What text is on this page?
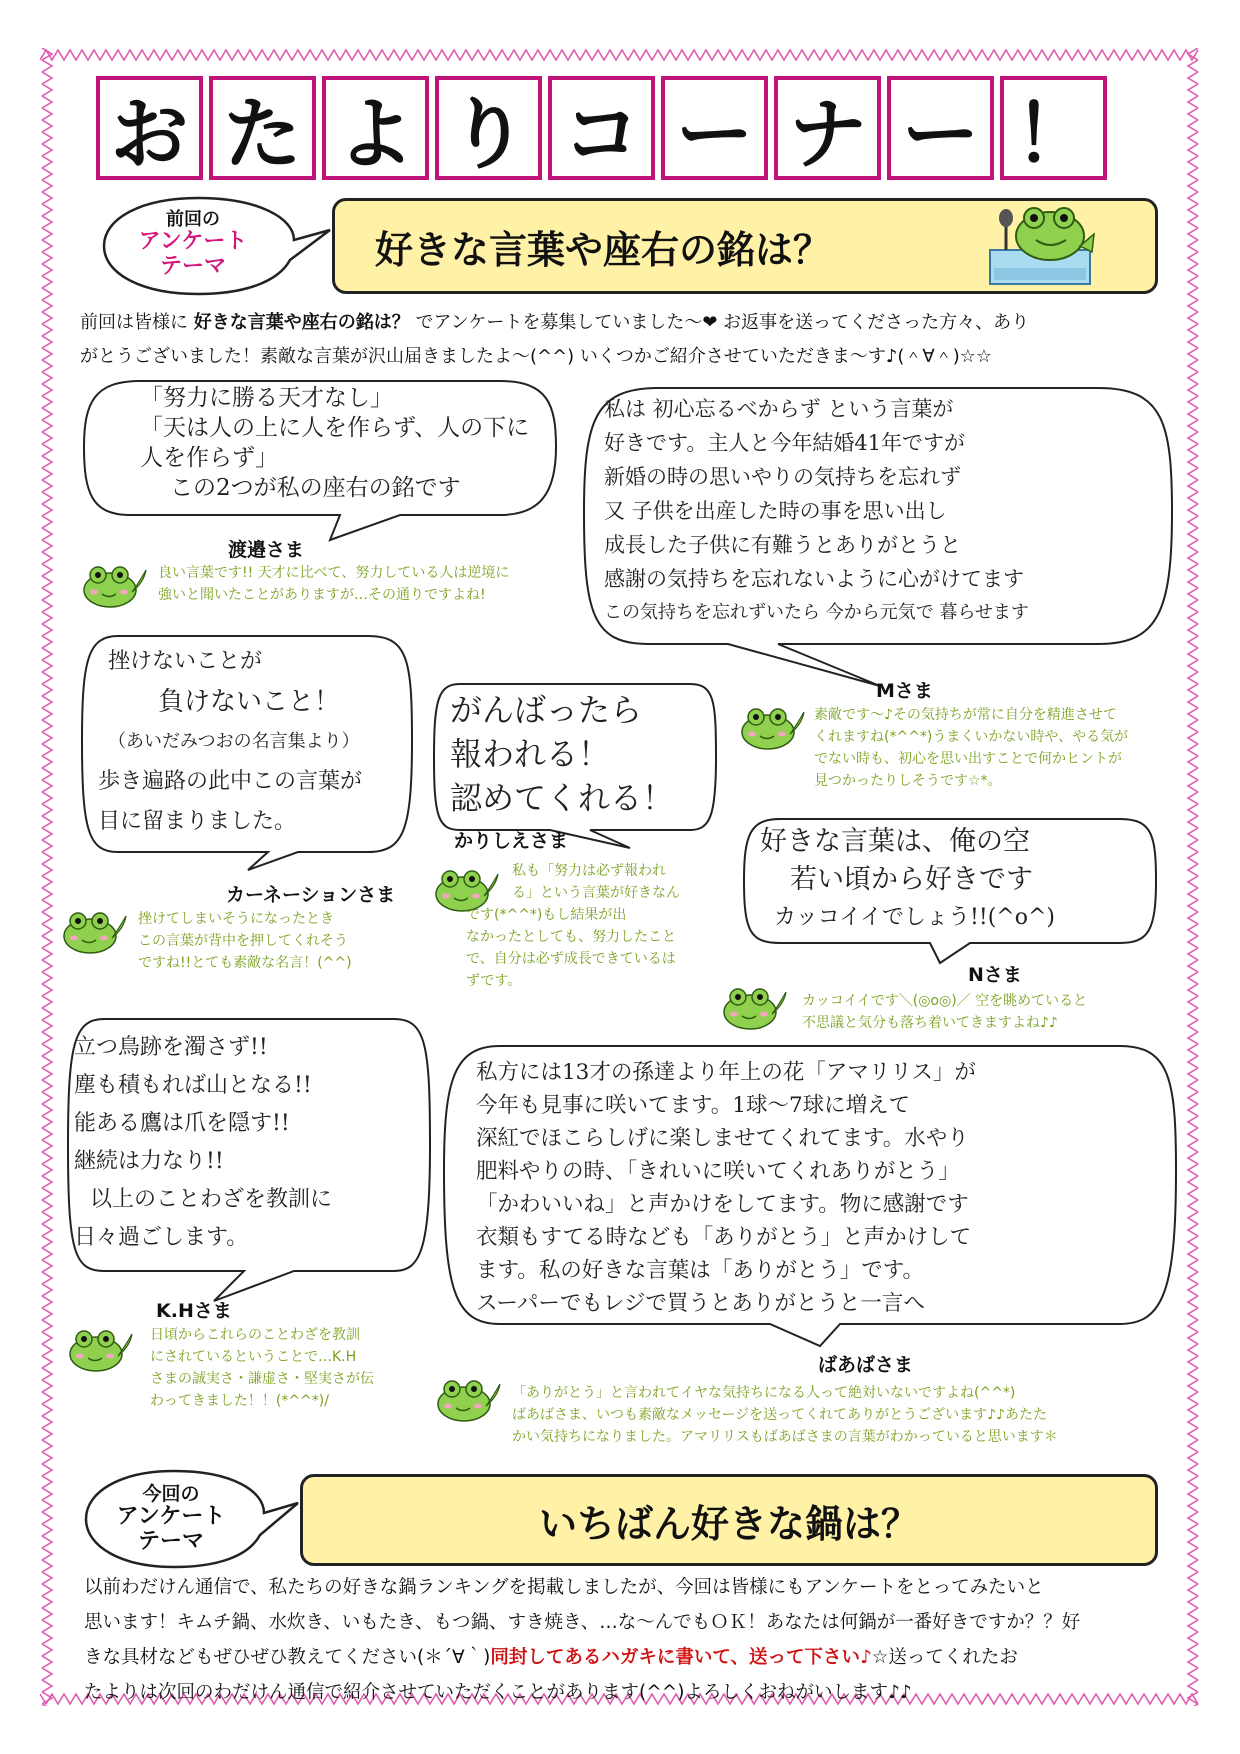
お た よ り コ ー ナ ー ！
前回の
アンケート
テーマ	好きな言葉や座右の銘は？
前回は皆様に 好きな言葉や座右の銘は？ でアンケートを募集していました～❤ お返事を送ってくださった方々、あり
がとうございました！素敵な言葉が沢山届きましたよ～(^^) いくつかご紹介させていただきま～す♪(＾∀＾)☆☆
「努力に勝る天才なし」
「天は人の上に人を作らず、人の下に
人を作らず」
この2つが私の座右の銘です
渡邉さま
良い言葉です!! 天才に比べて、努力している人は逆境に
強いと聞いたことがありますが…その通りですよね!
私は 初心忘るべからず という言葉が
好きです。主人と今年結婚41年ですが
新婚の時の思いやりの気持ちを忘れず
又 子供を出産した時の事を思い出し
成長した子供に有難うとありがとうと
感謝の気持ちを忘れないように心がけてます
この気持ちを忘れずいたら 今から元気で 暮らせます
Mさま
素敵です～♪その気持ちが常に自分を精進させて
くれますね(*^^*)うまくいかない時や、やる気が
でない時も、初心を思い出すことで何かヒントが
見つかったりしそうです☆*。
挫けないことが
負けないこと！
（あいだみつおの名言集より）
歩き遍路の此中この言葉が
目に留まりました。
カーネーションさま
挫けてしまいそうになったとき
この言葉が背中を押してくれそう
ですね!!とても素敵な名言！(^^)
がんばったら
報われる！
認めてくれる！
かりしえさま
私も「努力は必ず報われ
る」という言葉が好きなん
です(*^^*)もし結果が出
なかったとしても、努力したこと
で、自分は必ず成長できているは
ずです。
好きな言葉は、俺の空
若い頃から好きです
カッコイイでしょう!!(^o^)
Nさま
カッコイイです＼(◎o◎)／ 空を眺めていると
不思議と気分も落ち着いてきますよね♪♪
立つ鳥跡を濁さず!!
塵も積もれば山となる!!
能ある鷹は爪を隠す!!
継続は力なり!!
以上のことわざを教訓に
日々過ごします。
K.Hさま
日頃からこれらのことわざを教訓
にされているということで…K.H
さまの誠実さ・謙虚さ・堅実さが伝
わってきました！！(*^^*)/
私方には13才の孫達より年上の花「アマリリス」が
今年も見事に咲いてます。1球～7球に増えて
深紅でほこらしげに楽しませてくれてます。水やり
肥料やりの時、「きれいに咲いてくれありがとう」
「かわいいね」と声かけをしてます。物に感謝です
衣類もすてる時なども「ありがとう」と声かけして
ます。私の好きな言葉は「ありがとう」です。
スーパーでもレジで買うとありがとうと一言へ
ばあばさま
「ありがとう」と言われてイヤな気持ちになる人って絶対いないですよね(^^*)
ばあばさま、いつも素敵なメッセージを送ってくれてありがとうございます♪♪あたた
かい気持ちになりました。アマリリスもばあばさまの言葉がわかっていると思います＊
今回の
アンケート
テーマ	いちばん好きな鍋は？
以前わだけん通信で、私たちの好きな鍋ランキングを掲載しましたが、今回は皆様にもアンケートをとってみたいと
思います！キムチ鍋、水炊き、いもたき、もつ鍋、すき焼き、…な～んでもＯＫ！あなたは何鍋が一番好きですか？？好
きな具材などもぜひぜひ教えてください(＊´∀｀)同封してあるハガキに書いて、送って下さい♪☆送ってくれたお
たよりは次回のわだけん通信で紹介させていただくことがあります(^^)よろしくおねがいします♪♪
